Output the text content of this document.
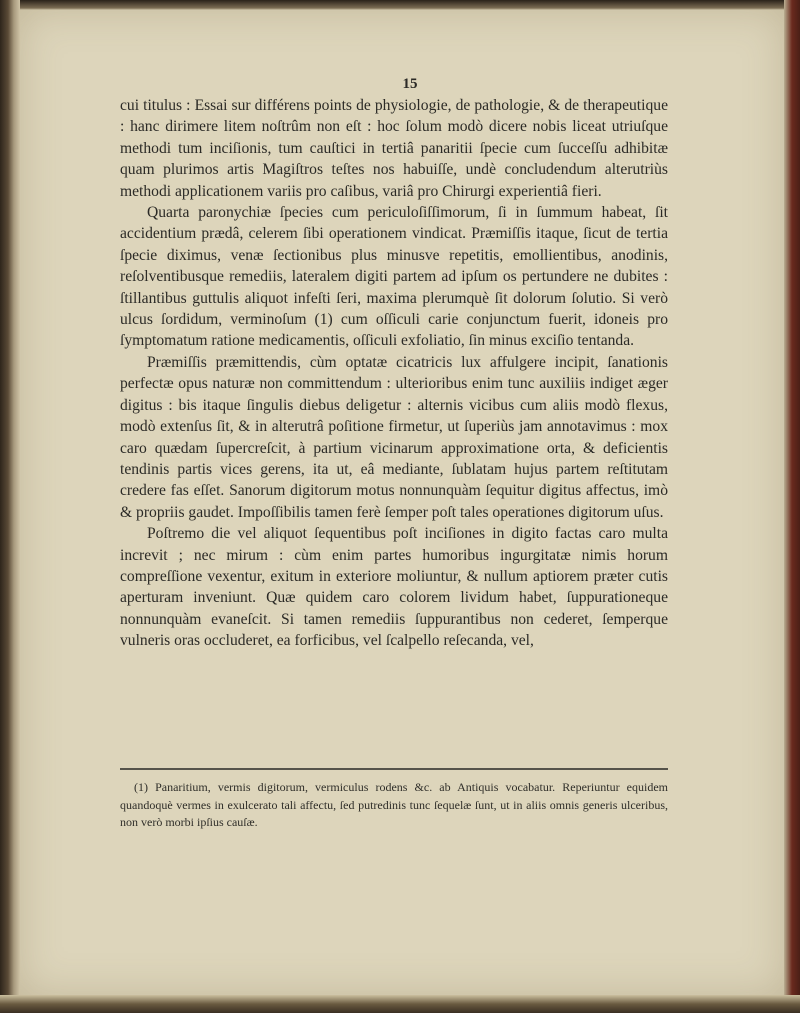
15

cui titulus : Essai sur différens points de physiologie, de pathologie, & de therapeutique : hanc dirimere litem noſtrûm non eſt : hoc ſolum modò dicere nobis liceat utriuſque methodi tum inciſionis, tum cauſtici in tertiâ panaritii ſpecie cum ſucceſſu adhibitæ quam plurimos artis Magiſtros teſtes nos habuiſſe, undè concludendum alterutriùs methodi applicationem variis pro caſibus, variâ pro Chirurgi experientiâ fieri.

Quarta paronychiæ ſpecies cum periculoſiſſimorum, ſi in ſummum habeat, ſit accidentium prædâ, celerem ſibi operationem vindicat. Præmiſſis itaque, ſicut de tertia ſpecie diximus, venæ ſectionibus plus minusve repetitis, emollientibus, anodinis, reſolventibusque remediis, lateralem digiti partem ad ipſum os pertundere ne dubites : ſtillantibus guttulis aliquot infeſti ſeri, maxima plerumquè ſit dolorum ſolutio. Si verò ulcus ſordidum, verminoſum (1) cum oſſiculi carie conjunctum fuerit, idoneis pro ſymptomatum ratione medicamentis, oſſiculi exfoliatio, ſin minus exciſio tentanda.

Præmiſſis præmittendis, cùm optatæ cicatricis lux affulgere incipit, ſanationis perfectæ opus naturæ non committendum : ulterioribus enim tunc auxiliis indiget æger digitus : bis itaque ſingulis diebus deligetur : alternis vicibus cum aliis modò flexus, modò extenſus ſit, & in alterutrâ poſitione firmetur, ut ſuperiùs jam annotavimus : mox caro quædam ſupercreſcit, à partium vicinarum approximatione orta, & deficientis tendinis partis vices gerens, ita ut, eâ mediante, ſublatam hujus partem reſtitutam credere fas eſſet. Sanorum digitorum motus nonnunquàm ſequitur digitus affectus, imò & propriis gaudet. Impoſſibilis tamen ferè ſemper poſt tales operationes digitorum uſus.

Poſtremo die vel aliquot ſequentibus poſt inciſiones in digito factas caro multa increvit ; nec mirum : cùm enim partes humoribus ingurgitatæ nimis horum compreſſione vexentur, exitum in exteriore moliuntur, & nullum aptiorem præter cutis aperturam inveniunt. Quæ quidem caro colorem lividum habet, ſuppurationeque nonnunquàm evaneſcit. Si tamen remediis ſuppurantibus non cederet, ſemperque vulneris oras occluderet, ea forficibus, vel ſcalpello reſecanda, vel,

(1) Panaritium, vermis digitorum, vermiculus rodens &c. ab Antiquis vocabatur. Reperiuntur equidem quandoquè vermes in exulcerato tali affectu, ſed putredinis tunc ſequelæ ſunt, ut in aliis omnis generis ulceribus, non verò morbi ipſius cauſæ.
